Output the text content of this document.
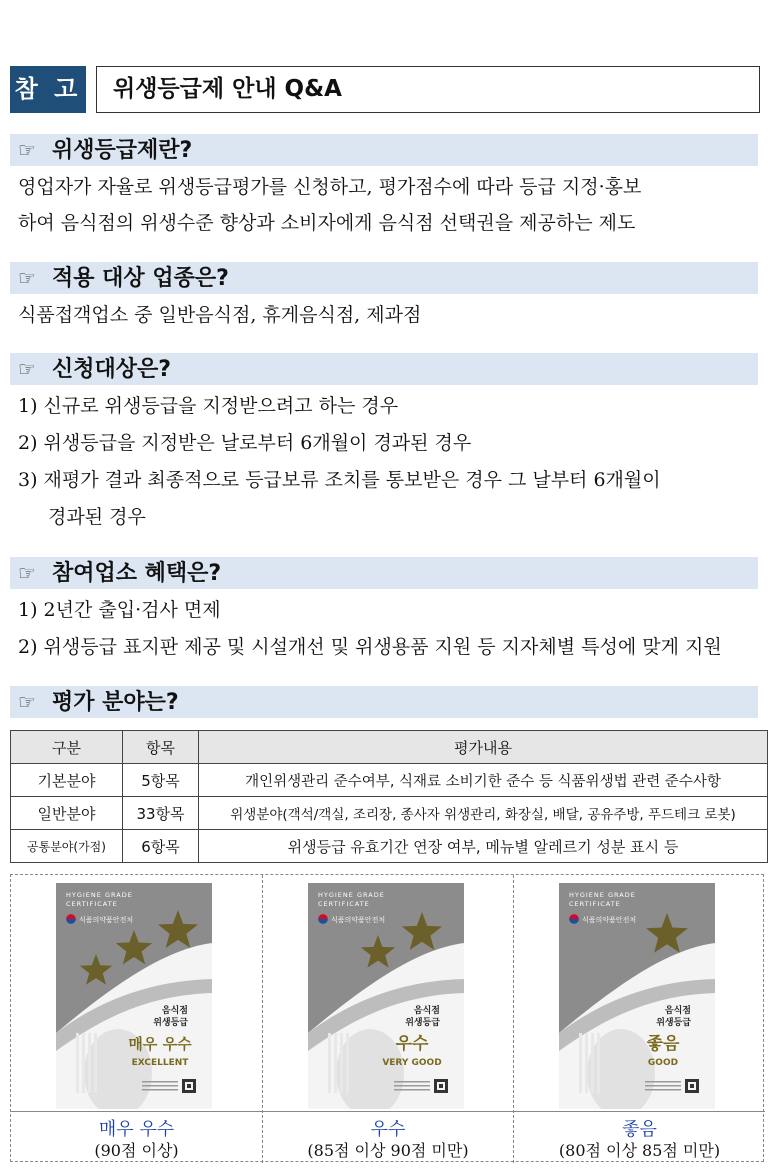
참 고	위생등급제 안내 Q&A
☞ 위생등급제란?
영업자가 자율로 위생등급평가를 신청하고, 평가점수에 따라 등급 지정·홍보
하여 음식점의 위생수준 향상과 소비자에게 음식점 선택권을 제공하는 제도
☞ 적용 대상 업종은?
식품접객업소 중 일반음식점, 휴게음식점, 제과점
☞ 신청대상은?
1) 신규로 위생등급을 지정받으려고 하는 경우
2) 위생등급을 지정받은 날로부터 6개월이 경과된 경우
3) 재평가 결과 최종적으로 등급보류 조치를 통보받은 경우 그 날부터 6개월이
경과된 경우
☞ 참여업소 혜택은?
1) 2년간 출입·검사 면제
2) 위생등급 표지판 제공 및 시설개선 및 위생용품 지원 등 지자체별 특성에 맞게 지원
☞ 평가 분야는?
구분	항목	평가내용
기본분야	5항목	개인위생관리 준수여부, 식재료 소비기한 준수 등 식품위생법 관련 준수사항
일반분야	33항목	위생분야(객석/객실, 조리장, 종사자 위생관리, 화장실, 배달, 공유주방, 푸드테크 로봇)
공통분야(가점)	6항목	위생등급 유효기간 연장 여부, 메뉴별 알레르기 성분 표시 등
HYGIENE GRADE
CERTIFICATE
식품의약품안전처
음식점
위생등급
매우 우수
EXCELLENT
매우 우수
(90점 이상)
HYGIENE GRADE
CERTIFICATE
식품의약품안전처
음식점
위생등급
우수
VERY GOOD
우수
(85점 이상 90점 미만)
HYGIENE GRADE
CERTIFICATE
식품의약품안전처
음식점
위생등급
좋음
GOOD
좋음
(80점 이상 85점 미만)
